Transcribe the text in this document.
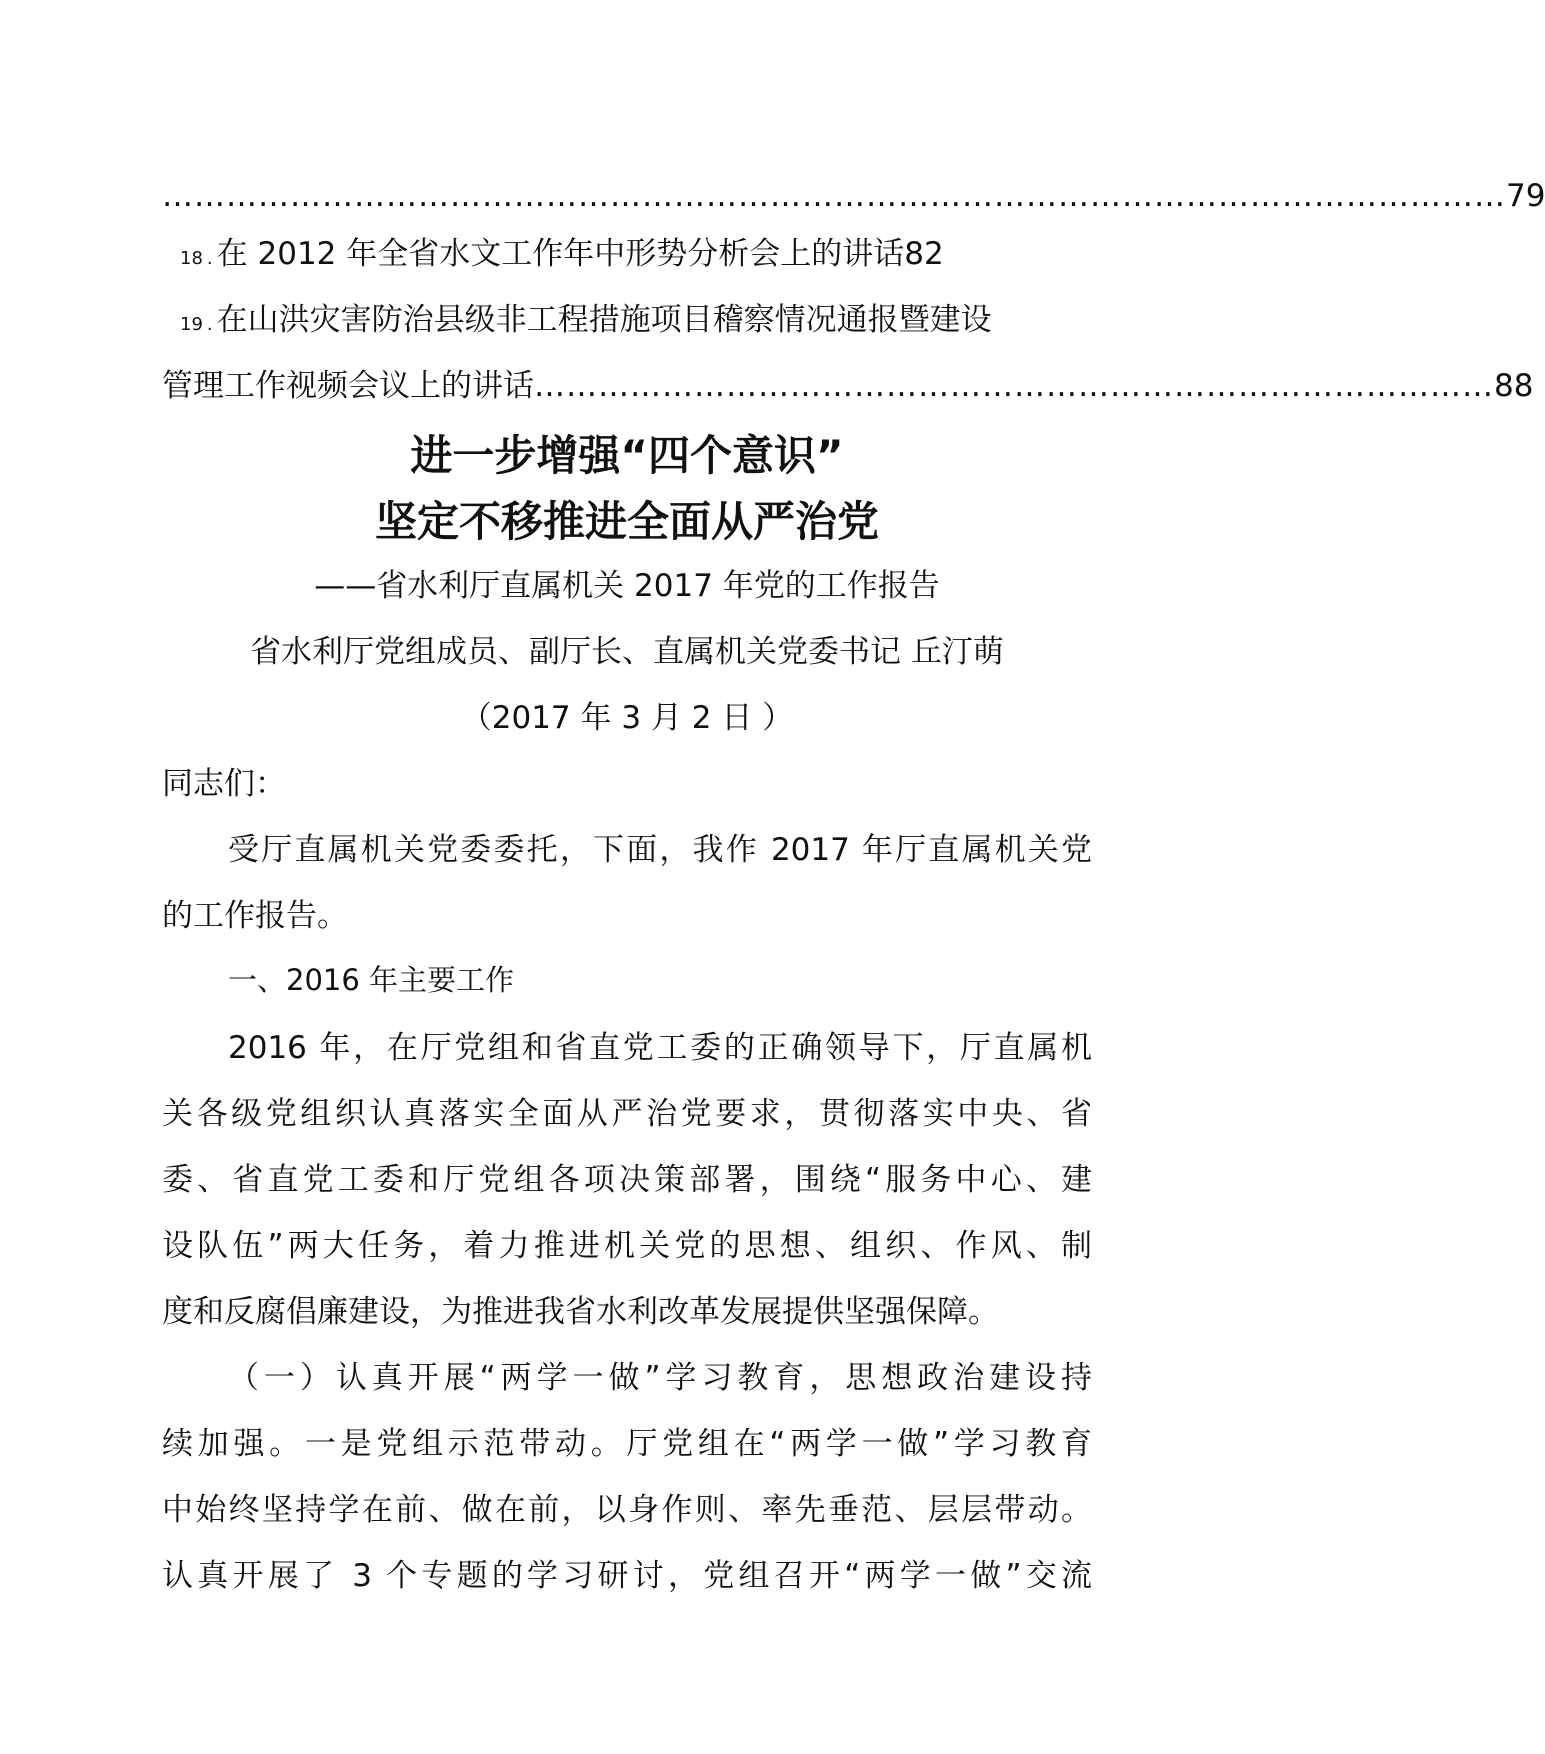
……………………………………………………………………………………………………………… 79
18 . 在 2012 年全省水文工作年中形势分析会上的讲话 82
19 . 在山洪灾害防治县级非工程措施项目稽察情况通报暨建设
管理工作视频会议上的讲话 ……………………………………………………………………………… 88
进一步增强“四个意识”
坚定不移推进全面从严治党
——省水利厅直属机关 2017 年党的工作报告
省水利厅党组成员、副厅长、直属机关党委书记 丘汀萌
（2017 年 3 月 2 日 ）
同志们：
受厅直属机关党委委托，下面，我作 2017 年厅直属机关党
的工作报告。
一、2016 年主要工作
2016 年，在厅党组和省直党工委的正确领导下，厅直属机
关各级党组织认真落实全面从严治党要求，贯彻落实中央、省
委、省直党工委和厅党组各项决策部署，围绕“服务中心、建
设队伍”两大任务，着力推进机关党的思想、组织、作风、制
度和反腐倡廉建设，为推进我省水利改革发展提供坚强保障。
（一）认真开展“两学一做”学习教育，思想政治建设持
续加强。一是党组示范带动。厅党组在“两学一做”学习教育
中始终坚持学在前、做在前，以身作则、率先垂范、层层带动。
认真开展了 3 个专题的学习研讨，党组召开“两学一做”交流
